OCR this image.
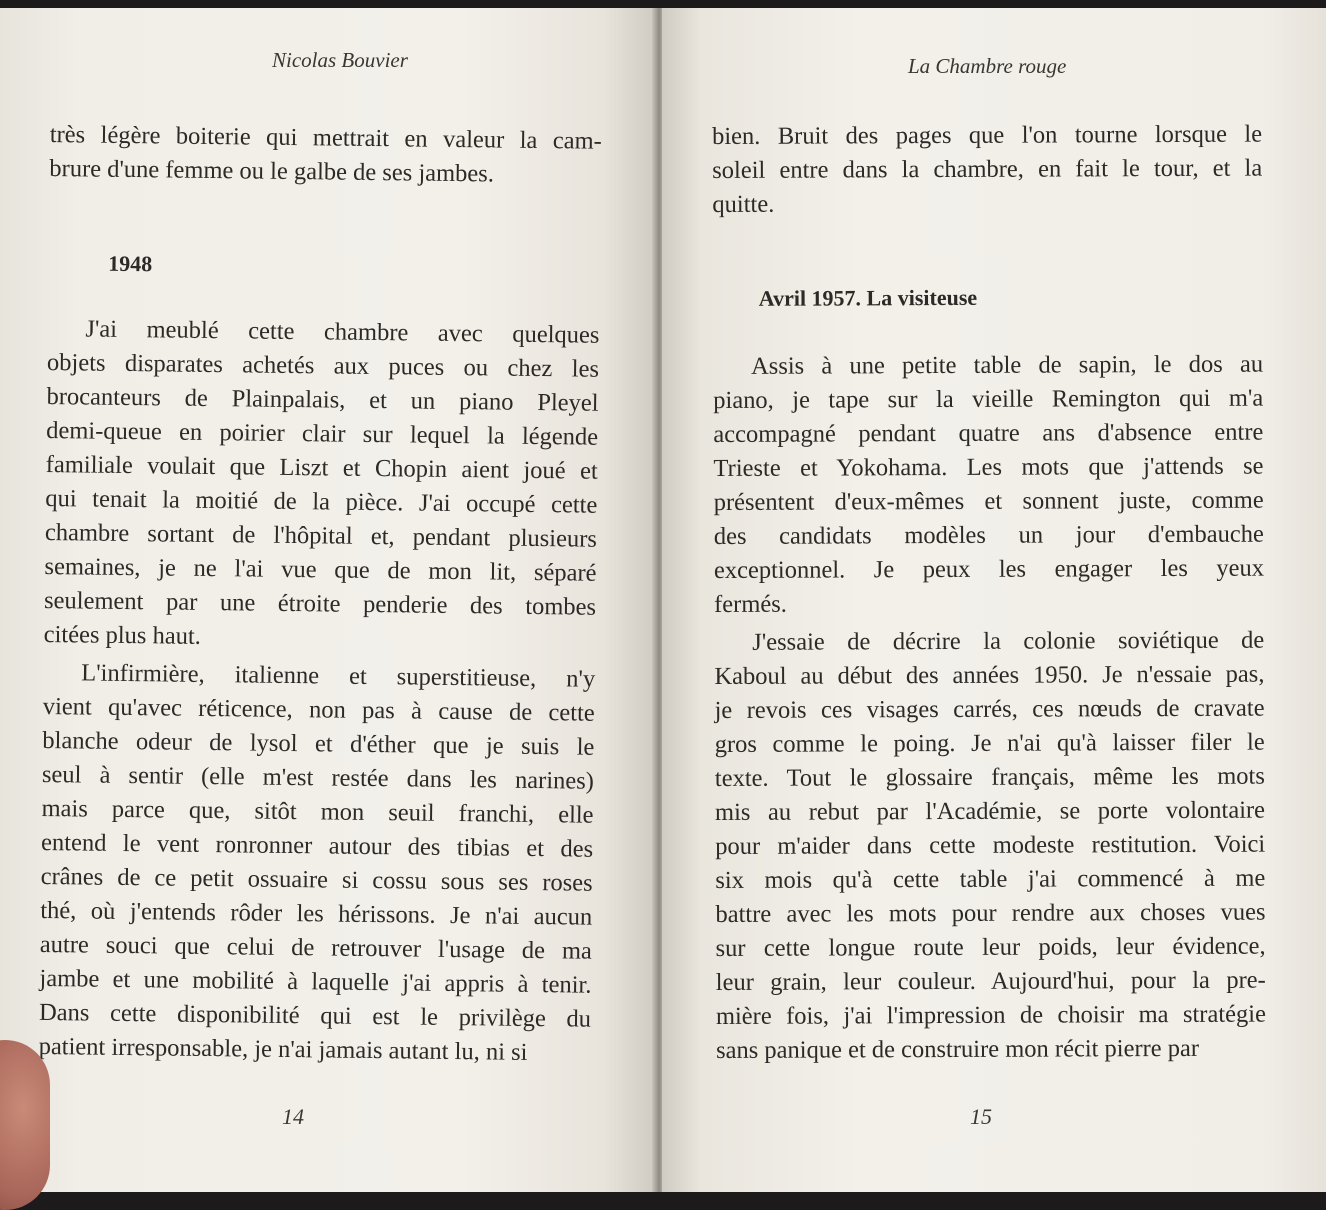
Nicolas Bouvier
très légère boiterie qui mettrait en valeur la cam-
brure d'une femme ou le galbe de ses jambes.
1948
J'ai meublé cette chambre avec quelques
objets disparates achetés aux puces ou chez les
brocanteurs de Plainpalais, et un piano Pleyel
demi-queue en poirier clair sur lequel la légende
familiale voulait que Liszt et Chopin aient joué et
qui tenait la moitié de la pièce. J'ai occupé cette
chambre sortant de l'hôpital et, pendant plusieurs
semaines, je ne l'ai vue que de mon lit, séparé
seulement par une étroite penderie des tombes
citées plus haut.
L'infirmière, italienne et superstitieuse, n'y
vient qu'avec réticence, non pas à cause de cette
blanche odeur de lysol et d'éther que je suis le
seul à sentir (elle m'est restée dans les narines)
mais parce que, sitôt mon seuil franchi, elle
entend le vent ronronner autour des tibias et des
crânes de ce petit ossuaire si cossu sous ses roses
thé, où j'entends rôder les hérissons. Je n'ai aucun
autre souci que celui de retrouver l'usage de ma
jambe et une mobilité à laquelle j'ai appris à tenir.
Dans cette disponibilité qui est le privilège du
patient irresponsable, je n'ai jamais autant lu, ni si
14
La Chambre rouge
bien. Bruit des pages que l'on tourne lorsque le
soleil entre dans la chambre, en fait le tour, et la
quitte.
Avril 1957. La visiteuse
Assis à une petite table de sapin, le dos au
piano, je tape sur la vieille Remington qui m'a
accompagné pendant quatre ans d'absence entre
Trieste et Yokohama. Les mots que j'attends se
présentent d'eux-mêmes et sonnent juste, comme
des candidats modèles un jour d'embauche
exceptionnel. Je peux les engager les yeux
fermés.
J'essaie de décrire la colonie soviétique de
Kaboul au début des années 1950. Je n'essaie pas,
je revois ces visages carrés, ces nœuds de cravate
gros comme le poing. Je n'ai qu'à laisser filer le
texte. Tout le glossaire français, même les mots
mis au rebut par l'Académie, se porte volontaire
pour m'aider dans cette modeste restitution. Voici
six mois qu'à cette table j'ai commencé à me
battre avec les mots pour rendre aux choses vues
sur cette longue route leur poids, leur évidence,
leur grain, leur couleur. Aujourd'hui, pour la pre-
mière fois, j'ai l'impression de choisir ma stratégie
sans panique et de construire mon récit pierre par
15
